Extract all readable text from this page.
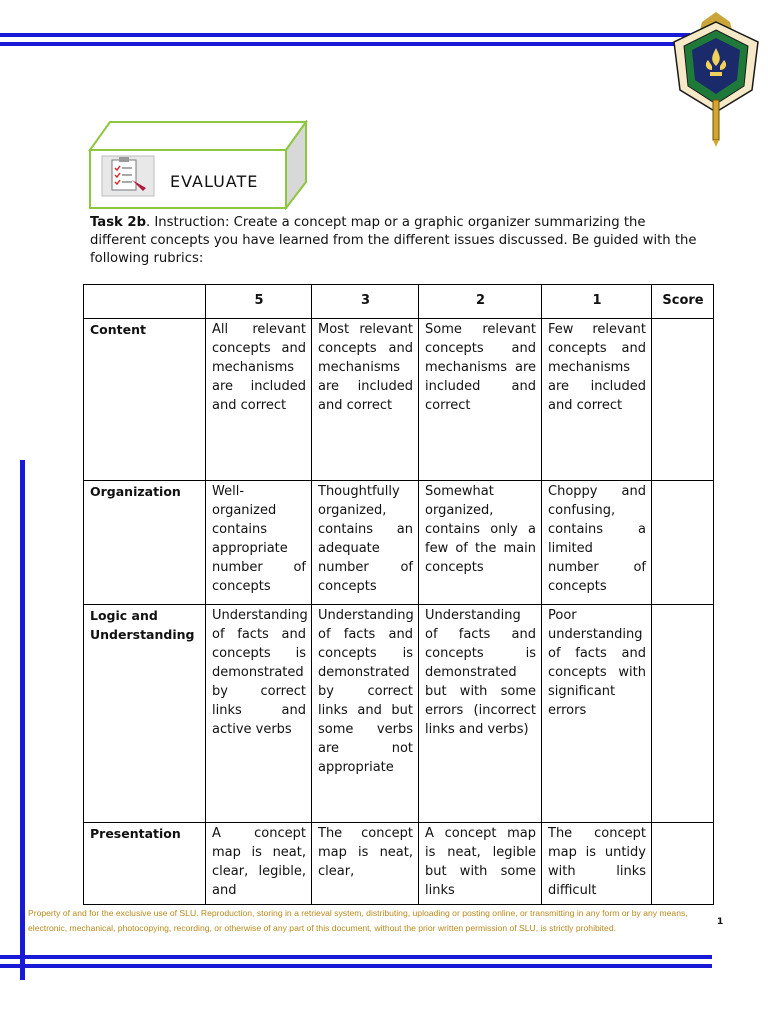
EVALUATE
Task 2b. Instruction: Create a concept map or a graphic organizer summarizing the different concepts you have learned from the different issues discussed. Be guided with the following rubrics:
	5	3	2	1	Score
Content	All relevant concepts and mechanisms are included and correct	Most relevant concepts and mechanisms are included and correct	Some relevant concepts and mechanisms are included and correct	Few relevant concepts and mechanisms are included and correct	
Organization	Well-organized contains appropriate number of concepts	Thoughtfully organized, contains an adequate number of concepts	Somewhat organized, contains only a few of the main concepts	Choppy and confusing, contains a limited number of concepts	
Logic and Understanding	Understanding of facts and concepts is demonstrated by correct links and active verbs	Understanding of facts and concepts is demonstrated by correct links and but some verbs are not appropriate	Understanding of facts and concepts is demonstrated but with some errors (incorrect links and verbs)	Poor understanding of facts and concepts with significant errors	
Presentation	A concept map is neat, clear, legible, and	The concept map is neat, clear,	A concept map is neat, legible but with some links	The concept map is untidy with links difficult	
Property of and for the exclusive use of SLU. Reproduction, storing in a retrieval system, distributing, uploading or posting online, or transmitting in any form or by any means, electronic, mechanical, photocopying, recording, or otherwise of any part of this document, without the prior written permission of SLU, is strictly prohibited.
1
